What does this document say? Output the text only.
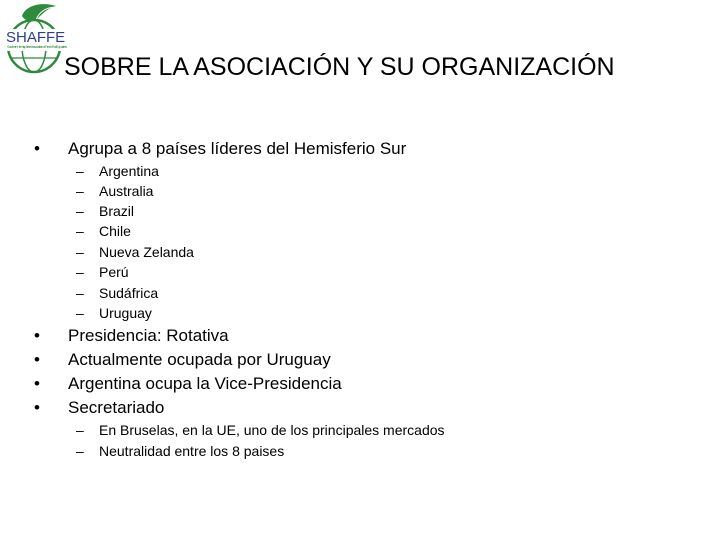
SHAFFE
Southern Hemisphere Association of Fresh Fruit Exporters
SOBRE LA ASOCIACIÓN Y SU ORGANIZACIÓN
• Agrupa a 8 países líderes del Hemisferio Sur
– Argentina
– Australia
– Brazil
– Chile
– Nueva Zelanda
– Perú
– Sudáfrica
– Uruguay
• Presidencia: Rotativa
• Actualmente ocupada por Uruguay
• Argentina ocupa la Vice-Presidencia
• Secretariado
– En Bruselas, en la UE, uno de los principales mercados
– Neutralidad entre los 8 paises
